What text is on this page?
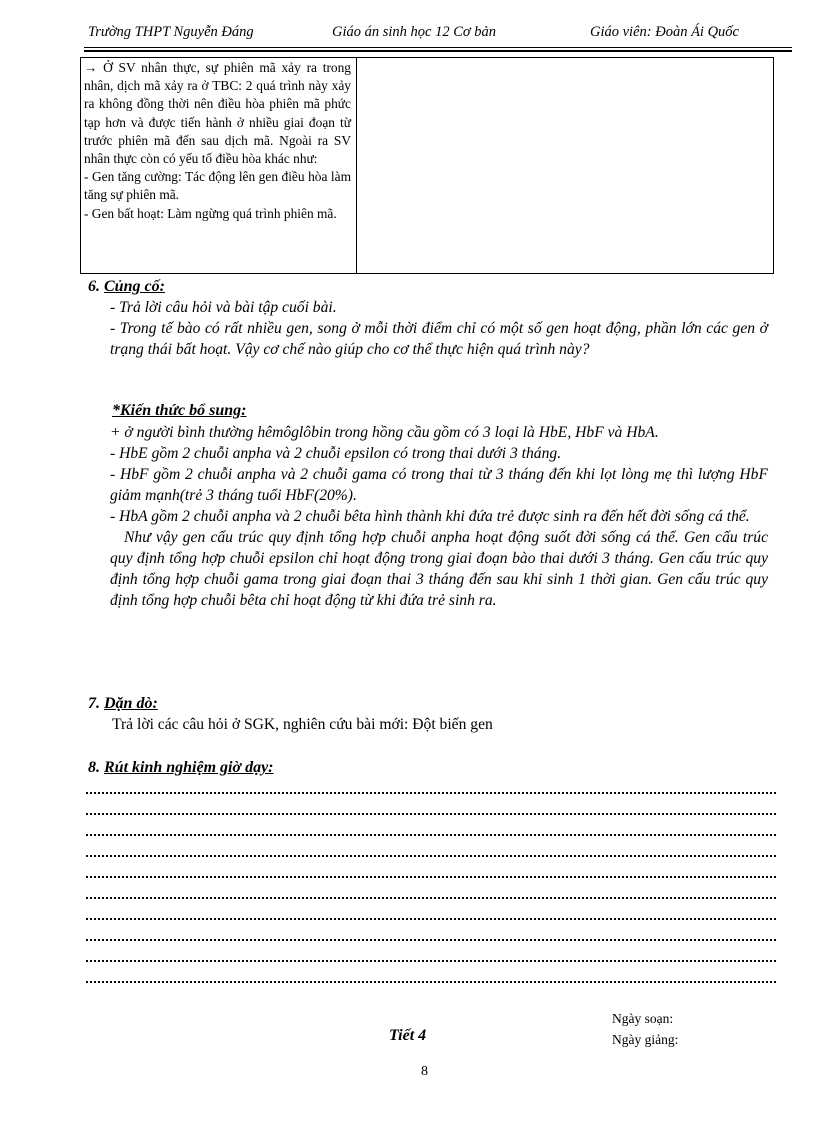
Trường THPT Nguyễn Đáng	Giáo án sinh học 12 Cơ bản	Giáo viên: Đoàn Ái Quốc

→ Ở SV nhân thực, sự phiên mã xảy ra trong nhân, dịch mã xảy ra ở TBC: 2 quá trình này xảy ra không đồng thời nên điều hòa phiên mã phức tạp hơn và được tiến hành ở nhiều giai đoạn từ trước phiên mã đến sau dịch mã. Ngoài ra SV nhân thực còn có yếu tố điều hòa khác như:

- Gen tăng cường: Tác động lên gen điều hòa làm tăng sự phiên mã.

- Gen bất hoạt: Làm ngừng quá trình phiên mã.

6. Củng cố:

- Trả lời câu hỏi và bài tập cuối bài.

- Trong tế bào có rất nhiều gen, song ở mỗi thời điểm chỉ có một số gen hoạt động, phần lớn các gen ở trạng thái bất hoạt. Vậy cơ chế nào giúp cho cơ thể thực hiện quá trình này?

*Kiến thức bổ sung:

+ ở người bình thường hêmôglôbin trong hồng cầu gồm có 3 loại là HbE, HbF và HbA.

- HbE gồm 2 chuỗi anpha và 2 chuỗi epsilon có trong thai dưới 3 tháng.

- HbF gồm 2 chuỗi anpha và 2 chuỗi gama có trong thai từ 3 tháng đến khi lọt lòng mẹ thì lượng HbF giảm mạnh(trẻ 3 tháng tuổi HbF(20%).

- HbA gồm 2 chuỗi anpha và 2 chuỗi bêta hình thành khi đứa trẻ được sinh ra đến hết đời sống cá thể.

Như vậy gen cấu trúc quy định tổng hợp chuỗi anpha hoạt động suốt đời sống cá thể. Gen cấu trúc quy định tổng hợp chuỗi epsilon chỉ hoạt động trong giai đoạn bào thai dưới 3 tháng. Gen cấu trúc quy định tổng hợp chuỗi gama trong giai đoạn thai 3 tháng đến sau khi sinh 1 thời gian. Gen cấu trúc quy định tổng hợp chuỗi bêta chỉ hoạt động từ khi đứa trẻ sinh ra.

7. Dặn dò:
Trả lời các câu hỏi ở SGK, nghiên cứu bài mới: Đột biến gen
8. Rút kinh nghiệm giờ dạy:
Ngày soạn:
Ngày giảng:
Tiết 4
8
